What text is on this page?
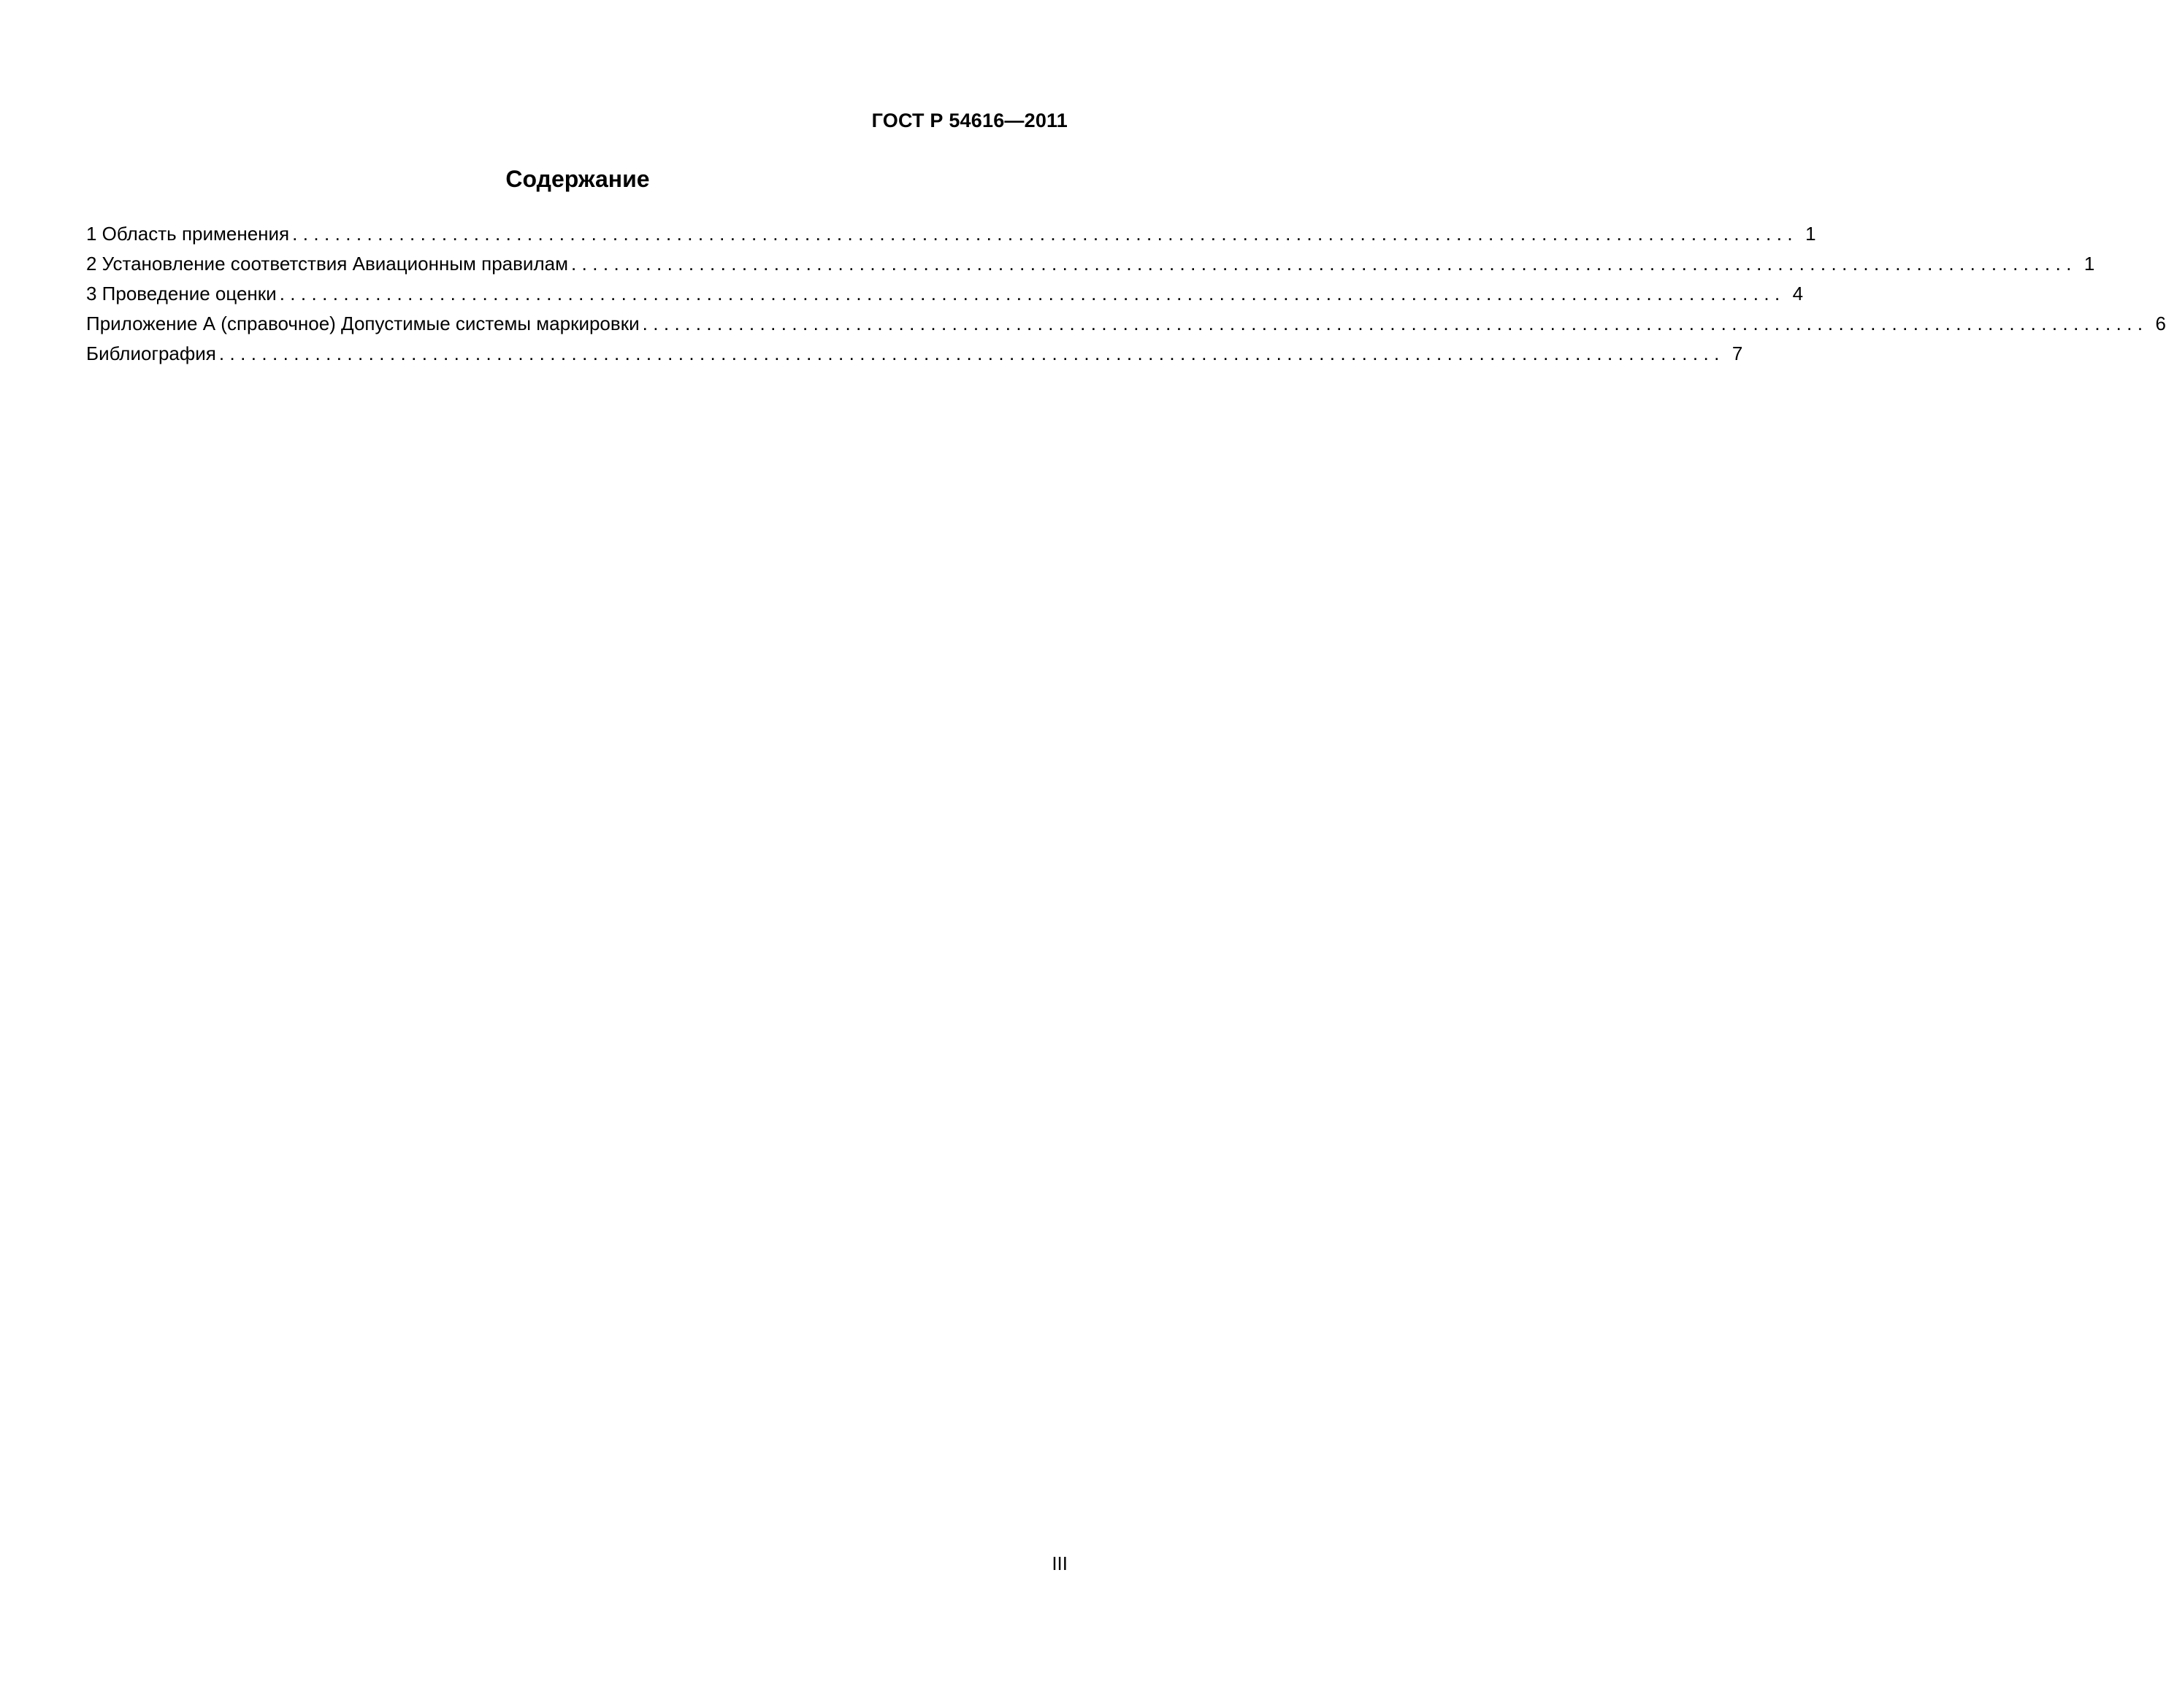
ГОСТ Р 54616—2011
Содержание
1 Область применения ............................................................................................................................................. 1
2 Установление соответствия Авиационным правилам ............................................................................................................................................. 1
3 Проведение оценки ............................................................................................................................................. 4
Приложение А (справочное) Допустимые системы маркировки ............................................................................................................................................. 6
Библиография ............................................................................................................................................. 7
III
